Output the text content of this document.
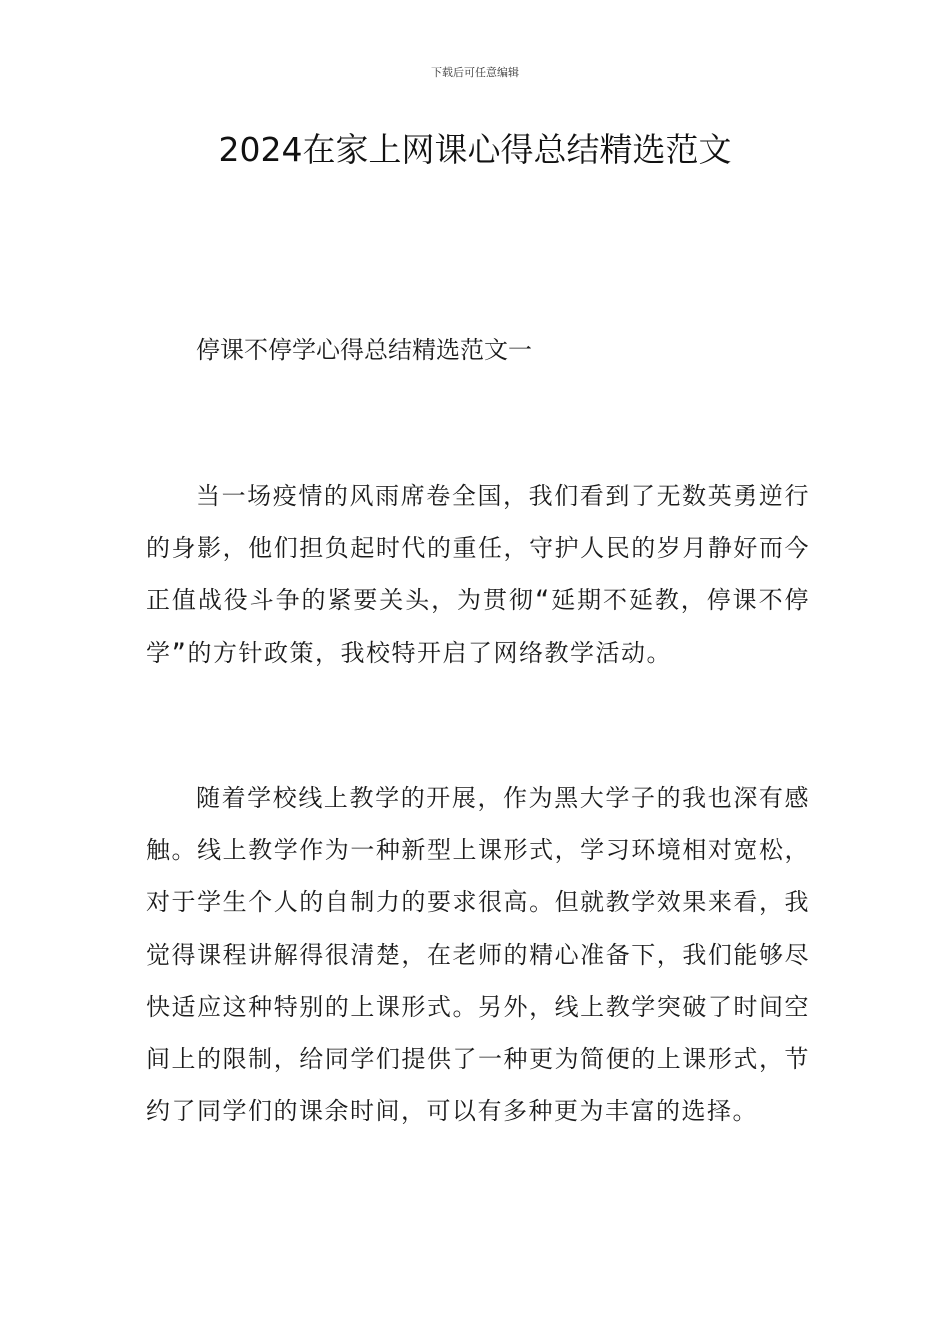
下载后可任意编辑
2024在家上网课心得总结精选范文
停课不停学心得总结精选范文一

当一场疫情的风雨席卷全国，我们看到了无数英勇逆行的身影，他们担负起时代的重任，守护人民的岁月静好而今正值战役斗争的紧要关头，为贯彻“延期不延教，停课不停学”的方针政策，我校特开启了网络教学活动。

随着学校线上教学的开展，作为黑大学子的我也深有感触。线上教学作为一种新型上课形式，学习环境相对宽松，对于学生个人的自制力的要求很高。但就教学效果来看，我觉得课程讲解得很清楚，在老师的精心准备下，我们能够尽快适应这种特别的上课形式。另外，线上教学突破了时间空间上的限制，给同学们提供了一种更为简便的上课形式，节约了同学们的课余时间，可以有多种更为丰富的选择。
